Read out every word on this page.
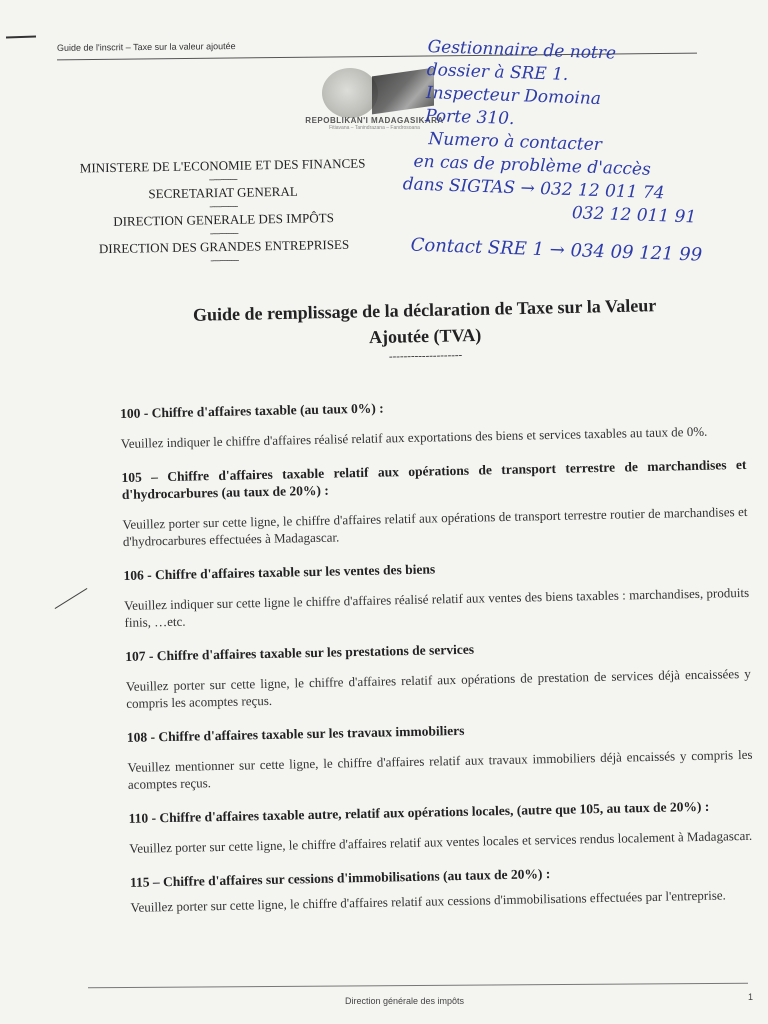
Guide de l'inscrit – Taxe sur la valeur ajoutée
REPOBLIKAN'I MADAGASIKARA
Fitiavana – Tanindrazana – Fandrosoana
MINISTERE DE L'ECONOMIE ET DES FINANCES
------------
SECRETARIAT GENERAL
------------
DIRECTION GENERALE DES IMPÔTS
------------
DIRECTION DES GRANDES ENTREPRISES
------------
Gestionnaire de notre
dossier à SRE 1.
Inspecteur Domoina
Porte 310.
Numero à contacter
en cas de problème d'accès
dans SIGTAS → 032 12 011 74
032 12 011 91
Contact SRE 1 → 034 09 121 99
Guide de remplissage de la déclaration de Taxe sur la Valeur
Ajoutée (TVA)
--------------------
100 - Chiffre d'affaires taxable (au taux 0%) :
Veuillez indiquer le chiffre d'affaires réalisé relatif aux exportations des biens et services taxables au taux de 0%.
105 – Chiffre d'affaires taxable relatif aux opérations de transport terrestre de marchandises et d'hydrocarbures (au taux de 20%) :
Veuillez porter sur cette ligne, le chiffre d'affaires relatif aux opérations de transport terrestre routier de marchandises et d'hydrocarbures effectuées à Madagascar.
106 - Chiffre d'affaires taxable sur les ventes des biens
Veuillez indiquer sur cette ligne le chiffre d'affaires réalisé relatif aux ventes des biens taxables : marchandises, produits finis, …etc.
107 - Chiffre d'affaires taxable sur les prestations de services
Veuillez porter sur cette ligne, le chiffre d'affaires relatif aux opérations de prestation de services déjà encaissées y compris les acomptes reçus.
108 - Chiffre d'affaires taxable sur les travaux immobiliers
Veuillez mentionner sur cette ligne, le chiffre d'affaires relatif aux travaux immobiliers déjà encaissés y compris les acomptes reçus.
110 - Chiffre d'affaires taxable autre, relatif aux opérations locales, (autre que 105, au taux de 20%) :
Veuillez porter sur cette ligne, le chiffre d'affaires relatif aux ventes locales et services rendus localement à Madagascar.
115 – Chiffre d'affaires sur cessions d'immobilisations (au taux de 20%) :
Veuillez porter sur cette ligne, le chiffre d'affaires relatif aux cessions d'immobilisations effectuées par l'entreprise.
Direction générale des impôts	1
